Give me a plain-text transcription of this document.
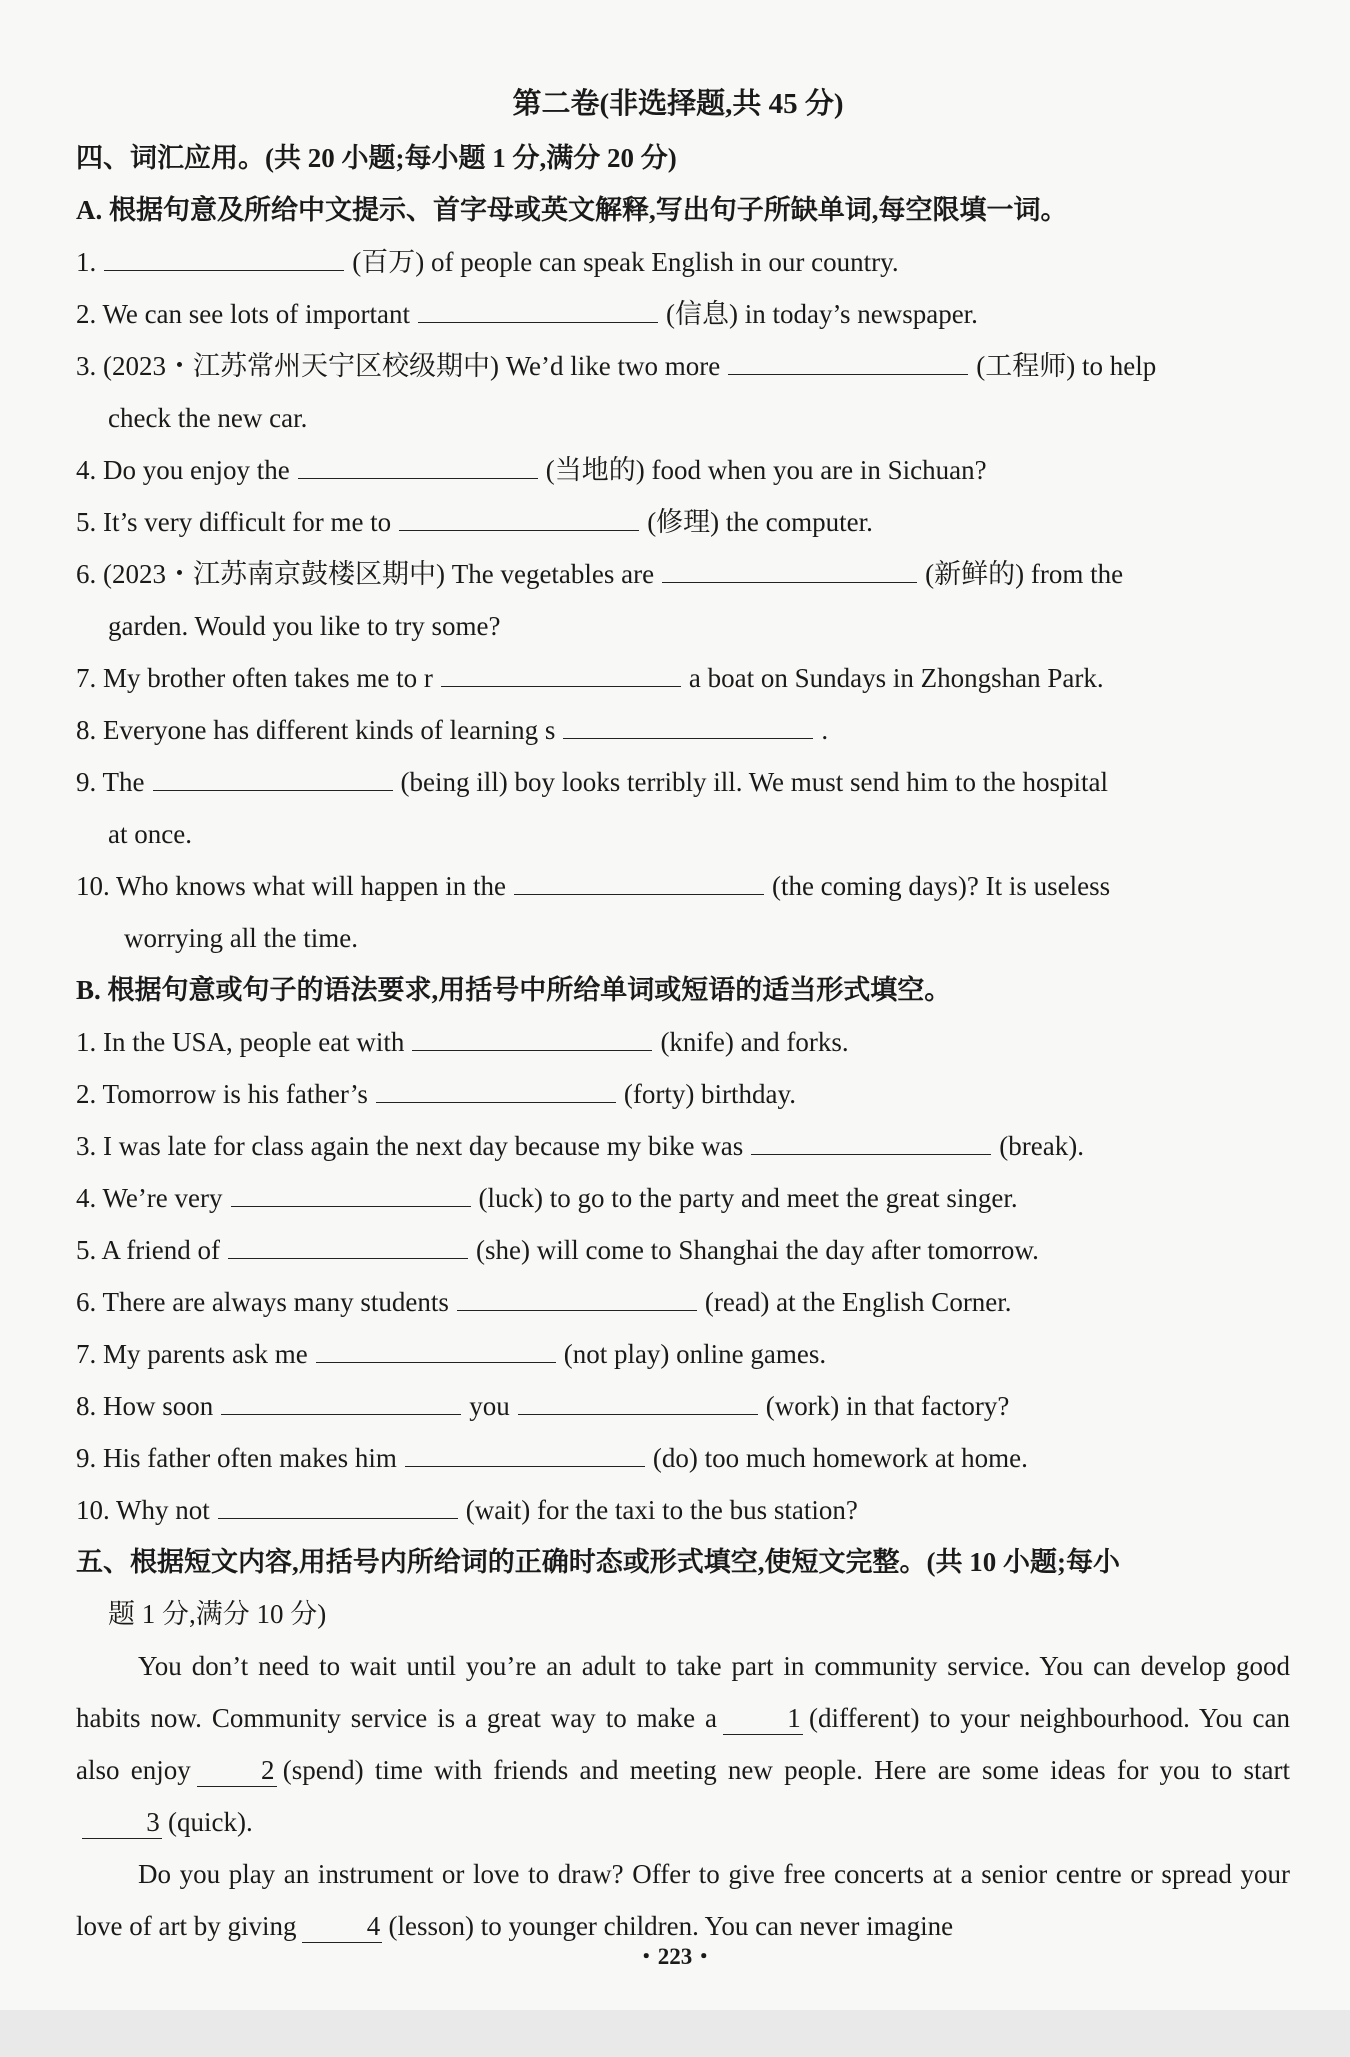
第二卷(非选择题,共 45 分)
四、词汇应用。(共 20 小题;每小题 1 分,满分 20 分)
A. 根据句意及所给中文提示、首字母或英文解释,写出句子所缺单词,每空限填一词。
1.	(百万) of people can speak English in our country.
2. We can see lots of important	(信息) in today’s newspaper.
3. (2023・江苏常州天宁区校级期中) We’d like two more	(工程师) to help
check the new car.
4. Do you enjoy the	(当地的) food when you are in Sichuan?
5. It’s very difficult for me to	(修理) the computer.
6. (2023・江苏南京鼓楼区期中) The vegetables are	(新鲜的) from the
garden. Would you like to try some?
7. My brother often takes me to r	a boat on Sundays in Zhongshan Park.
8. Everyone has different kinds of learning s	.
9. The	(being ill) boy looks terribly ill. We must send him to the hospital
at once.
10. Who knows what will happen in the	(the coming days)? It is useless
worrying all the time.
B. 根据句意或句子的语法要求,用括号中所给单词或短语的适当形式填空。
1. In the USA, people eat with	(knife) and forks.
2. Tomorrow is his father’s	(forty) birthday.
3. I was late for class again the next day because my bike was	(break).
4. We’re very	(luck) to go to the party and meet the great singer.
5. A friend of	(she) will come to Shanghai the day after tomorrow.
6. There are always many students	(read) at the English Corner.
7. My parents ask me	(not play) online games.
8. How soon	you	(work) in that factory?
9. His father often makes him	(do) too much homework at home.
10. Why not	(wait) for the taxi to the bus station?
五、根据短文内容,用括号内所给词的正确时态或形式填空,使短文完整。(共 10 小题;每小
题 1 分,满分 10 分)
You don’t need to wait until you’re an adult to take part in community service. You can develop good habits now. Community service is a great way to make a	1 (different) to your neighbourhood. You can also enjoy	2 (spend) time with friends and meeting new people. Here are some ideas for you to start3 (quick).
Do you play an instrument or love to draw? Offer to give free concerts at a senior centre or spread your love of art by giving	4 (lesson) to younger children. You can never imagine
・223・
